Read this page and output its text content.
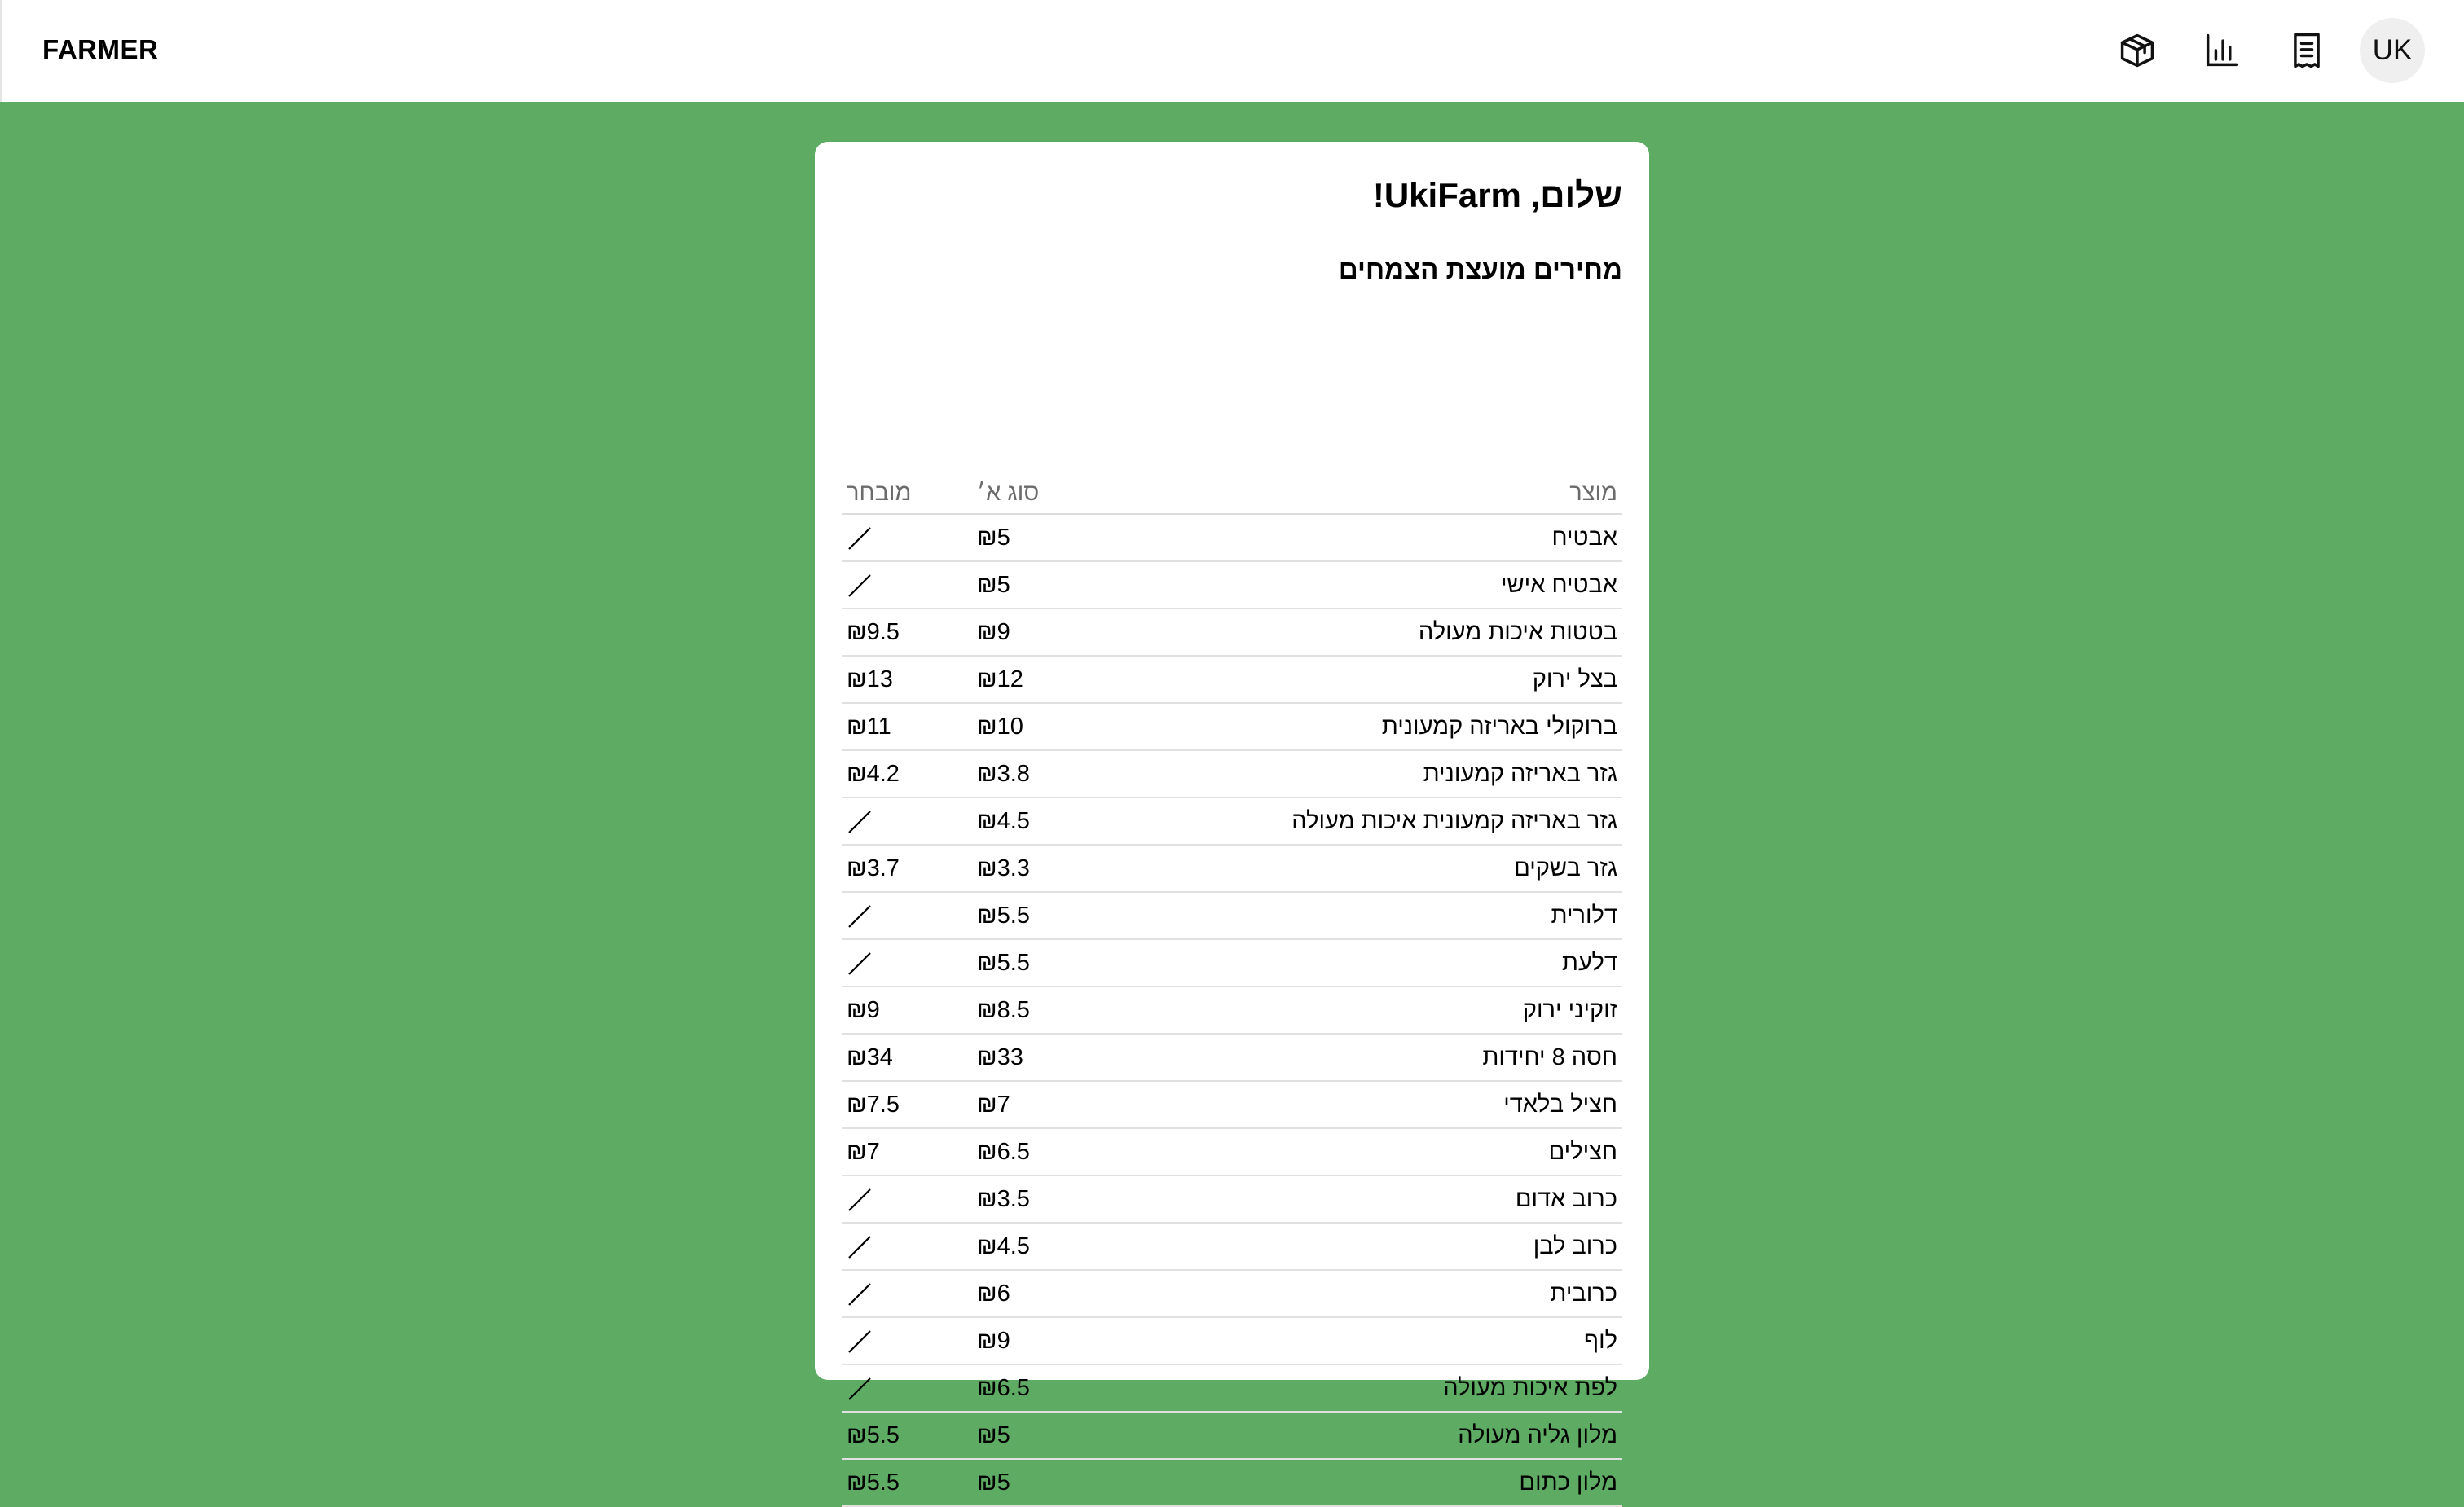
FARMER	UK
שלום, UkiFarm!
מחירים מועצת הצמחים
מוצר	סוג א׳	מובחר
אבטיח	₪5	
אבטיח אישי	₪5	
בטטות איכות מעולה	₪9	₪9.5
בצל ירוק	₪12	₪13
ברוקולי באריזה קמעונית	₪10	₪11
גזר באריזה קמעונית	₪3.8	₪4.2
גזר באריזה קמעונית איכות מעולה	₪4.5	
גזר בשקים	₪3.3	₪3.7
דלורית	₪5.5	
דלעת	₪5.5	
זוקיני ירוק	₪8.5	₪9
חסה 8 יחידות	₪33	₪34
חציל בלאדי	₪7	₪7.5
חצילים	₪6.5	₪7
כרוב אדום	₪3.5	
כרוב לבן	₪4.5	
כרובית	₪6	
לוף	₪9	
לפת איכות מעולה	₪6.5	
מלון גליה מעולה	₪5	₪5.5
מלון כתום	₪5	₪5.5
